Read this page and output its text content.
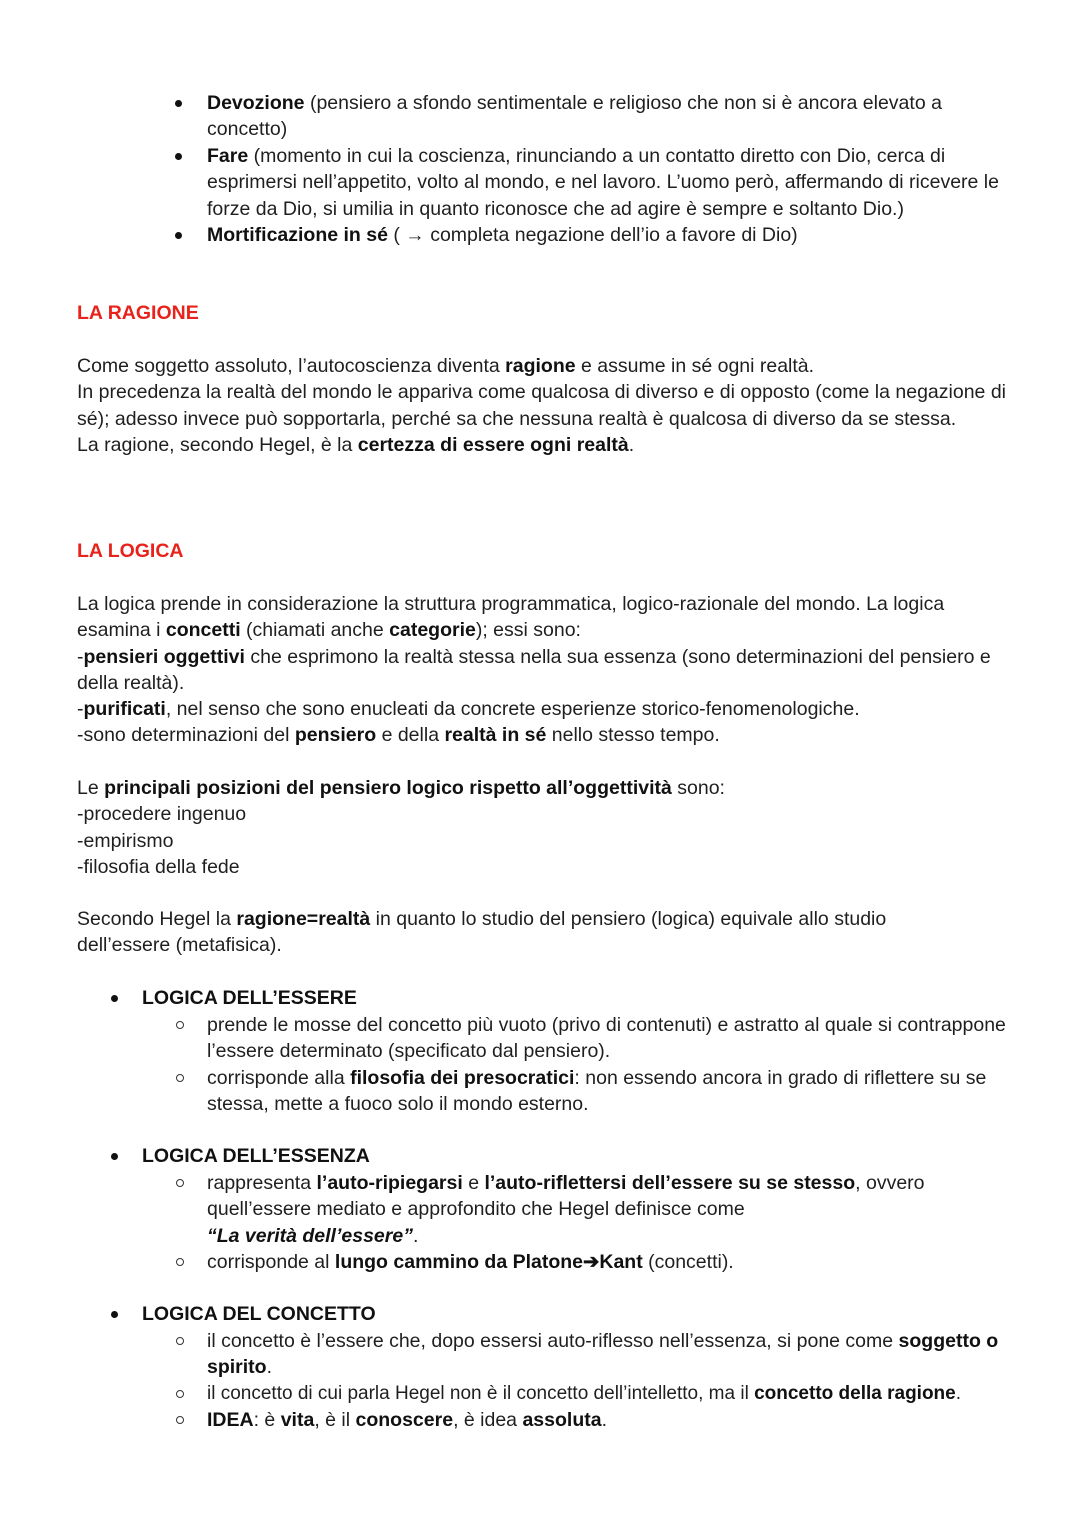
Devozione (pensiero a sfondo sentimentale e religioso che non si è ancora elevato a concetto)
Fare (momento in cui la coscienza, rinunciando a un contatto diretto con Dio, cerca di esprimersi nell’appetito, volto al mondo, e nel lavoro. L’uomo però, affermando di ricevere le forze da Dio, si umilia in quanto riconosce che ad agire è sempre e soltanto Dio.)
Mortificazione in sé ( → completa negazione dell’io a favore di Dio)
LA RAGIONE
Come soggetto assoluto, l’autocoscienza diventa ragione e assume in sé ogni realtà.
In precedenza la realtà del mondo le appariva come qualcosa di diverso e di opposto (come la negazione di sé); adesso invece può sopportarla, perché sa che nessuna realtà è qualcosa di diverso da se stessa.
La ragione, secondo Hegel, è la certezza di essere ogni realtà.
LA LOGICA
La logica prende in considerazione la struttura programmatica, logico-razionale del mondo. La logica esamina i concetti (chiamati anche categorie); essi sono:
-pensieri oggettivi che esprimono la realtà stessa nella sua essenza (sono determinazioni del pensiero e della realtà).
-purificati, nel senso che sono enucleati da concrete esperienze storico-fenomenologiche.
-sono determinazioni del pensiero e della realtà in sé nello stesso tempo.
Le principali posizioni del pensiero logico rispetto all’oggettività sono:
-procedere ingenuo
-empirismo
-filosofia della fede
Secondo Hegel la ragione=realtà in quanto lo studio del pensiero (logica) equivale allo studio dell’essere (metafisica).
LOGICA DELL’ESSERE
prende le mosse del concetto più vuoto (privo di contenuti) e astratto al quale si contrappone l’essere determinato (specificato dal pensiero).
corrisponde alla filosofia dei presocratici: non essendo ancora in grado di riflettere su se stessa, mette a fuoco solo il mondo esterno.
LOGICA DELL’ESSENZA
rappresenta l’auto-ripiegarsi e l’auto-riflettersi dell’essere su se stesso, ovvero quell’essere mediato e approfondito che Hegel definisce come
“La verità dell’essere”.
corrisponde al lungo cammino da Platone➔Kant (concetti).
LOGICA DEL CONCETTO
il concetto è l’essere che, dopo essersi auto-riflesso nell’essenza, si pone come soggetto o spirito.
il concetto di cui parla Hegel non è il concetto dell’intelletto, ma il concetto della ragione.
IDEA: è vita, è il conoscere, è idea assoluta.
